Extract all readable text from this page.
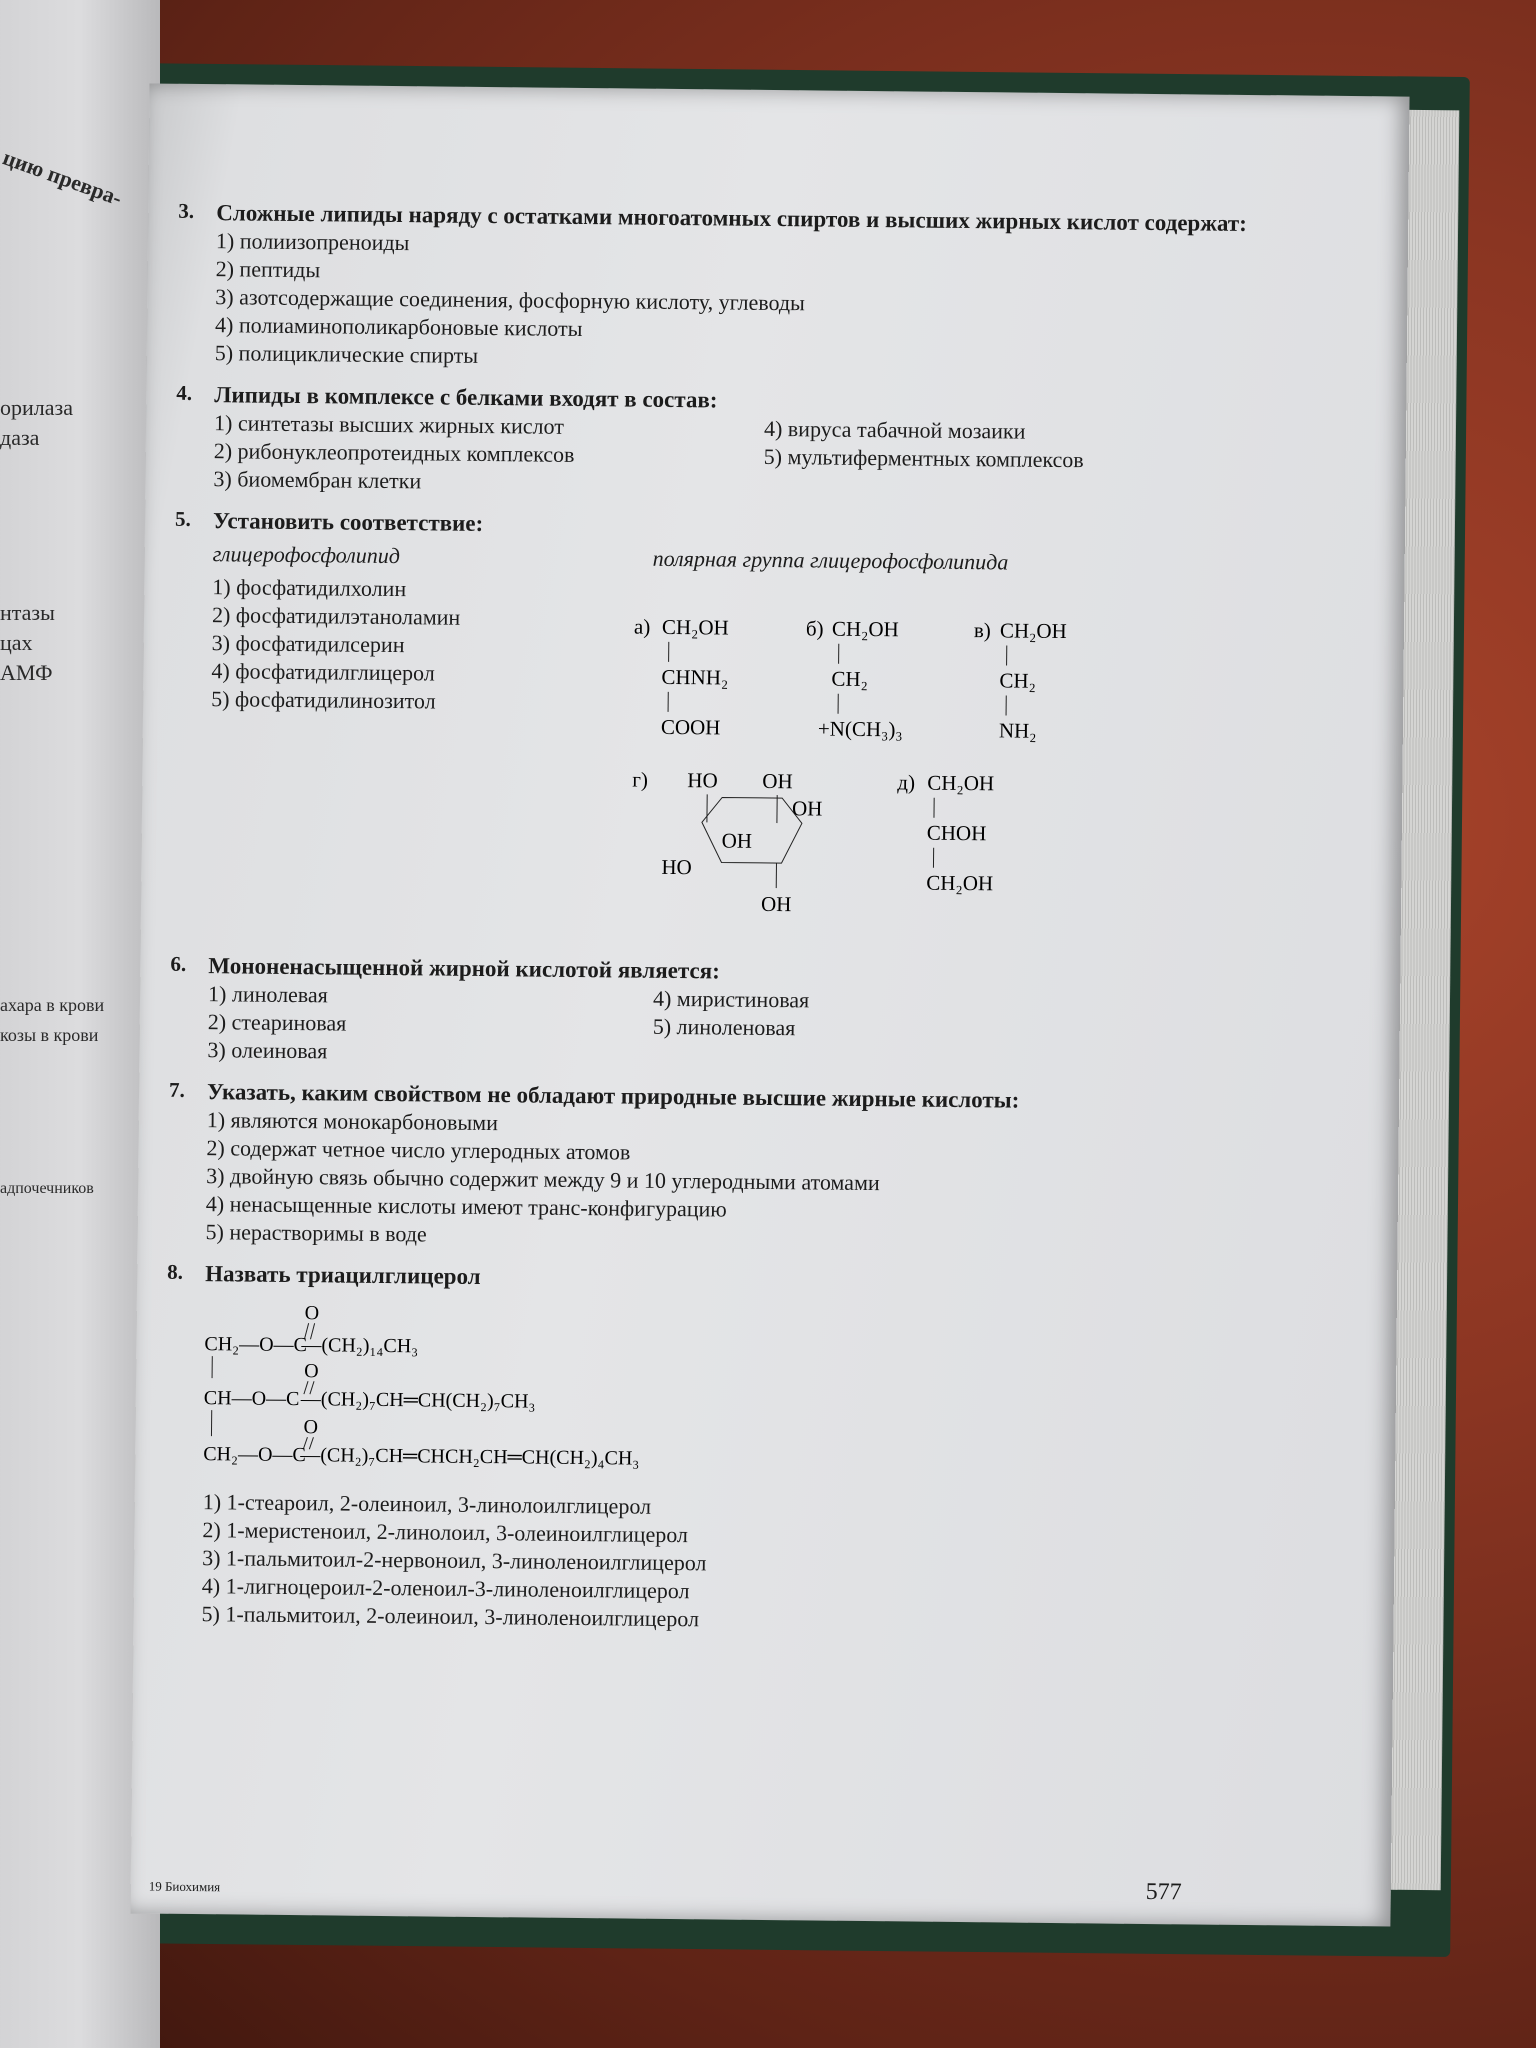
цию превра-
орилаза
даза
нтазы
цах
АМФ
ахара в крови
козы в крови
адпочечников
3. Сложные липиды наряду с остатками многоатомных спиртов и высших жирных кислот содержат:
1) полиизопреноиды
2) пептиды
3) азотсодержащие соединения, фосфорную кислоту, углеводы
4) полиаминополикарбоновые кислоты
5) полициклические спирты
4. Липиды в комплексе с белками входят в состав:
1) синтетазы высших жирных кислот	4) вируса табачной мозаики
2) рибонуклеопротеидных комплексов	5) мультиферментных комплексов
3) биомембран клетки
5. Установить соответствие:
глицерофосфолипид	полярная группа глицерофосфолипида
1) фосфатидилхолин
2) фосфатидилэтаноламин
3) фосфатидилсерин
4) фосфатидилглицерол
5) фосфатидилинозитол
а) CH₂OH
CHNH₂
COOH
б) CH₂OH
CH₂
+N(CH₃)₃
в) CH₂OH
CH₂
NH₂
г) HO OH
OH
OH
HO
OH
д) CH₂OH
CHOH
CH₂OH
6. Мононенасыщенной жирной кислотой является:
1) линолевая	4) миристиновая
2) стеариновая	5) линоленовая
3) олеиновая
7. Указать, каким свойством не обладают природные высшие жирные кислоты:
1) являются монокарбоновыми
2) содержат четное число углеродных атомов
3) двойную связь обычно содержит между 9 и 10 углеродными атомами
4) ненасыщенные кислоты имеют транс-конфигурацию
5) нерастворимы в воде
8. Назвать триацилглицерол
O
CH₂—O—C
—(CH₂)₁₄CH₃
O
CH—O—C —(CH₂)₇CH═CH(CH₂)₇CH₃
O
CH₂—O—C
—(CH₂)₇CH═CHCH₂CH═CH(CH₂)₄CH₃
1) 1-стеароил, 2-олеиноил, 3-линолоилглицерол
2) 1-меристеноил, 2-линолоил, 3-олеиноилглицерол
3) 1-пальмитоил-2-нервоноил, 3-линоленоилглицерол
4) 1-лигноцероил-2-оленоил-3-линоленоилглицерол
5) 1-пальмитоил, 2-олеиноил, 3-линоленоилглицерол
19 Биохимия	577
